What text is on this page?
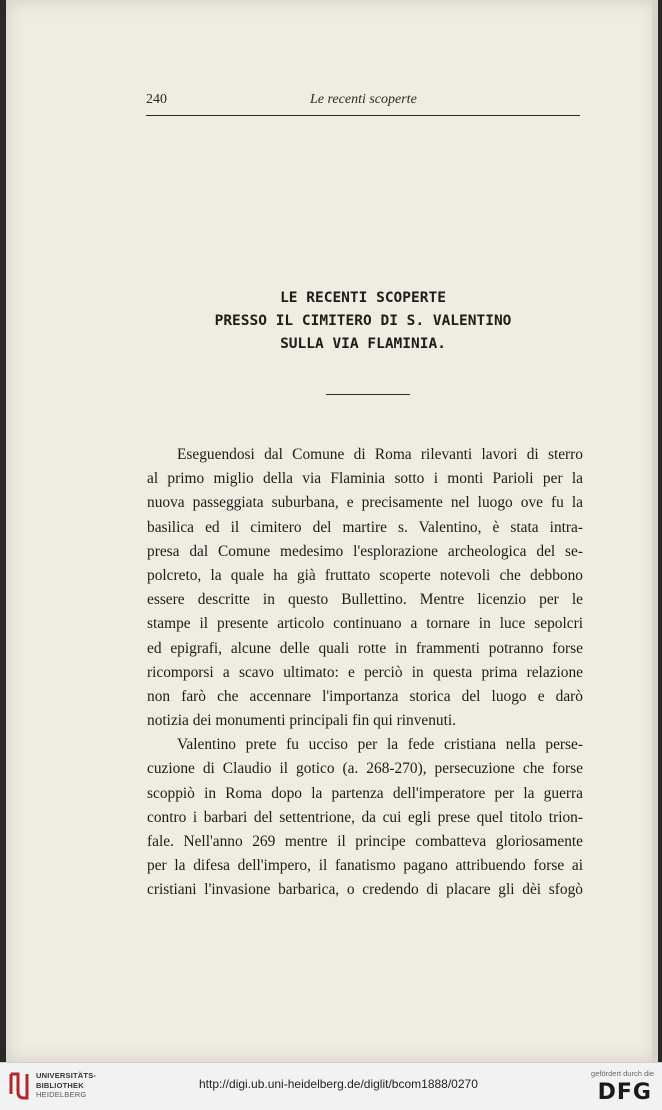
240	Le recenti scoperte
LE RECENTI SCOPERTE
PRESSO IL CIMITERO DI S. VALENTINO
SULLA VIA FLAMINIA.
Eseguendosi dal Comune di Roma rilevanti lavori di sterro
al primo miglio della via Flaminia sotto i monti Parioli per la
nuova passeggiata suburbana, e precisamente nel luogo ove fu la
basilica ed il cimitero del martire s. Valentino, è stata intra-
presa dal Comune medesimo l'esplorazione archeologica del se-
polcreto, la quale ha già fruttato scoperte notevoli che debbono
essere descritte in questo Bullettino. Mentre licenzio per le
stampe il presente articolo continuano a tornare in luce sepolcri
ed epigrafi, alcune delle quali rotte in frammenti potranno forse
ricomporsi a scavo ultimato: e perciò in questa prima relazione
non farò che accennare l'importanza storica del luogo e darò
notizia dei monumenti principali fin qui rinvenuti.
Valentino prete fu ucciso per la fede cristiana nella perse-
cuzione di Claudio il gotico (a. 268-270), persecuzione che forse
scoppiò in Roma dopo la partenza dell'imperatore per la guerra
contro i barbari del settentrione, da cui egli prese quel titolo trion-
fale. Nell'anno 269 mentre il principe combatteva gloriosamente
per la difesa dell'impero, il fanatismo pagano attribuendo forse ai
cristiani l'invasione barbarica, o credendo di placare gli dèi sfogò
UNIVERSITÄTS-
BIBLIOTHEK
HEIDELBERG
http://digi.ub.uni-heidelberg.de/diglit/bcom1888/0270
gefördert durch die
DFG
